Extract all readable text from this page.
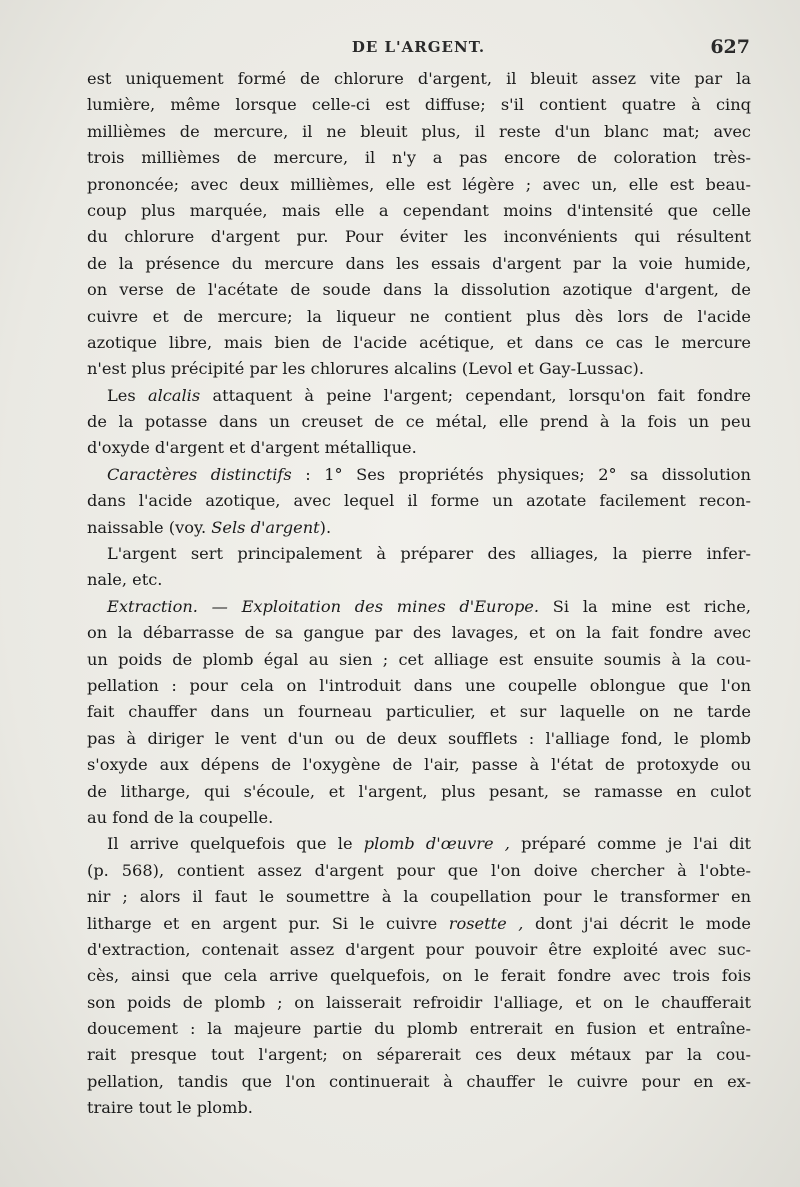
DE L'ARGENT.	627
est uniquement formé de chlorure d'argent, il bleuit assez vite par la
lumière, même lorsque celle-ci est diffuse; s'il contient quatre à cinq
millièmes de mercure, il ne bleuit plus, il reste d'un blanc mat; avec
trois millièmes de mercure, il n'y a pas encore de coloration très-
prononcée; avec deux millièmes, elle est légère ; avec un, elle est beau-
coup plus marquée, mais elle a cependant moins d'intensité que celle
du chlorure d'argent pur. Pour éviter les inconvénients qui résultent
de la présence du mercure dans les essais d'argent par la voie humide,
on verse de l'acétate de soude dans la dissolution azotique d'argent, de
cuivre et de mercure; la liqueur ne contient plus dès lors de l'acide
azotique libre, mais bien de l'acide acétique, et dans ce cas le mercure
n'est plus précipité par les chlorures alcalins (Levol et Gay-Lussac).
Les alcalis attaquent à peine l'argent; cependant, lorsqu'on fait fondre
de la potasse dans un creuset de ce métal, elle prend à la fois un peu
d'oxyde d'argent et d'argent métallique.
Caractères distinctifs : 1° Ses propriétés physiques; 2° sa dissolution
dans l'acide azotique, avec lequel il forme un azotate facilement recon-
naissable (voy. Sels d'argent).
L'argent sert principalement à préparer des alliages, la pierre infer-
nale, etc.
Extraction. — Exploitation des mines d'Europe. Si la mine est riche,
on la débarrasse de sa gangue par des lavages, et on la fait fondre avec
un poids de plomb égal au sien ; cet alliage est ensuite soumis à la cou-
pellation : pour cela on l'introduit dans une coupelle oblongue que l'on
fait chauffer dans un fourneau particulier, et sur laquelle on ne tarde
pas à diriger le vent d'un ou de deux soufflets : l'alliage fond, le plomb
s'oxyde aux dépens de l'oxygène de l'air, passe à l'état de protoxyde ou
de litharge, qui s'écoule, et l'argent, plus pesant, se ramasse en culot
au fond de la coupelle.
Il arrive quelquefois que le plomb d'œuvre , préparé comme je l'ai dit
(p. 568), contient assez d'argent pour que l'on doive chercher à l'obte-
nir ; alors il faut le soumettre à la coupellation pour le transformer en
litharge et en argent pur. Si le cuivre rosette , dont j'ai décrit le mode
d'extraction, contenait assez d'argent pour pouvoir être exploité avec suc-
cès, ainsi que cela arrive quelquefois, on le ferait fondre avec trois fois
son poids de plomb ; on laisserait refroidir l'alliage, et on le chaufferait
doucement : la majeure partie du plomb entrerait en fusion et entraîne-
rait presque tout l'argent; on séparerait ces deux métaux par la cou-
pellation, tandis que l'on continuerait à chauffer le cuivre pour en ex-
traire tout le plomb.
